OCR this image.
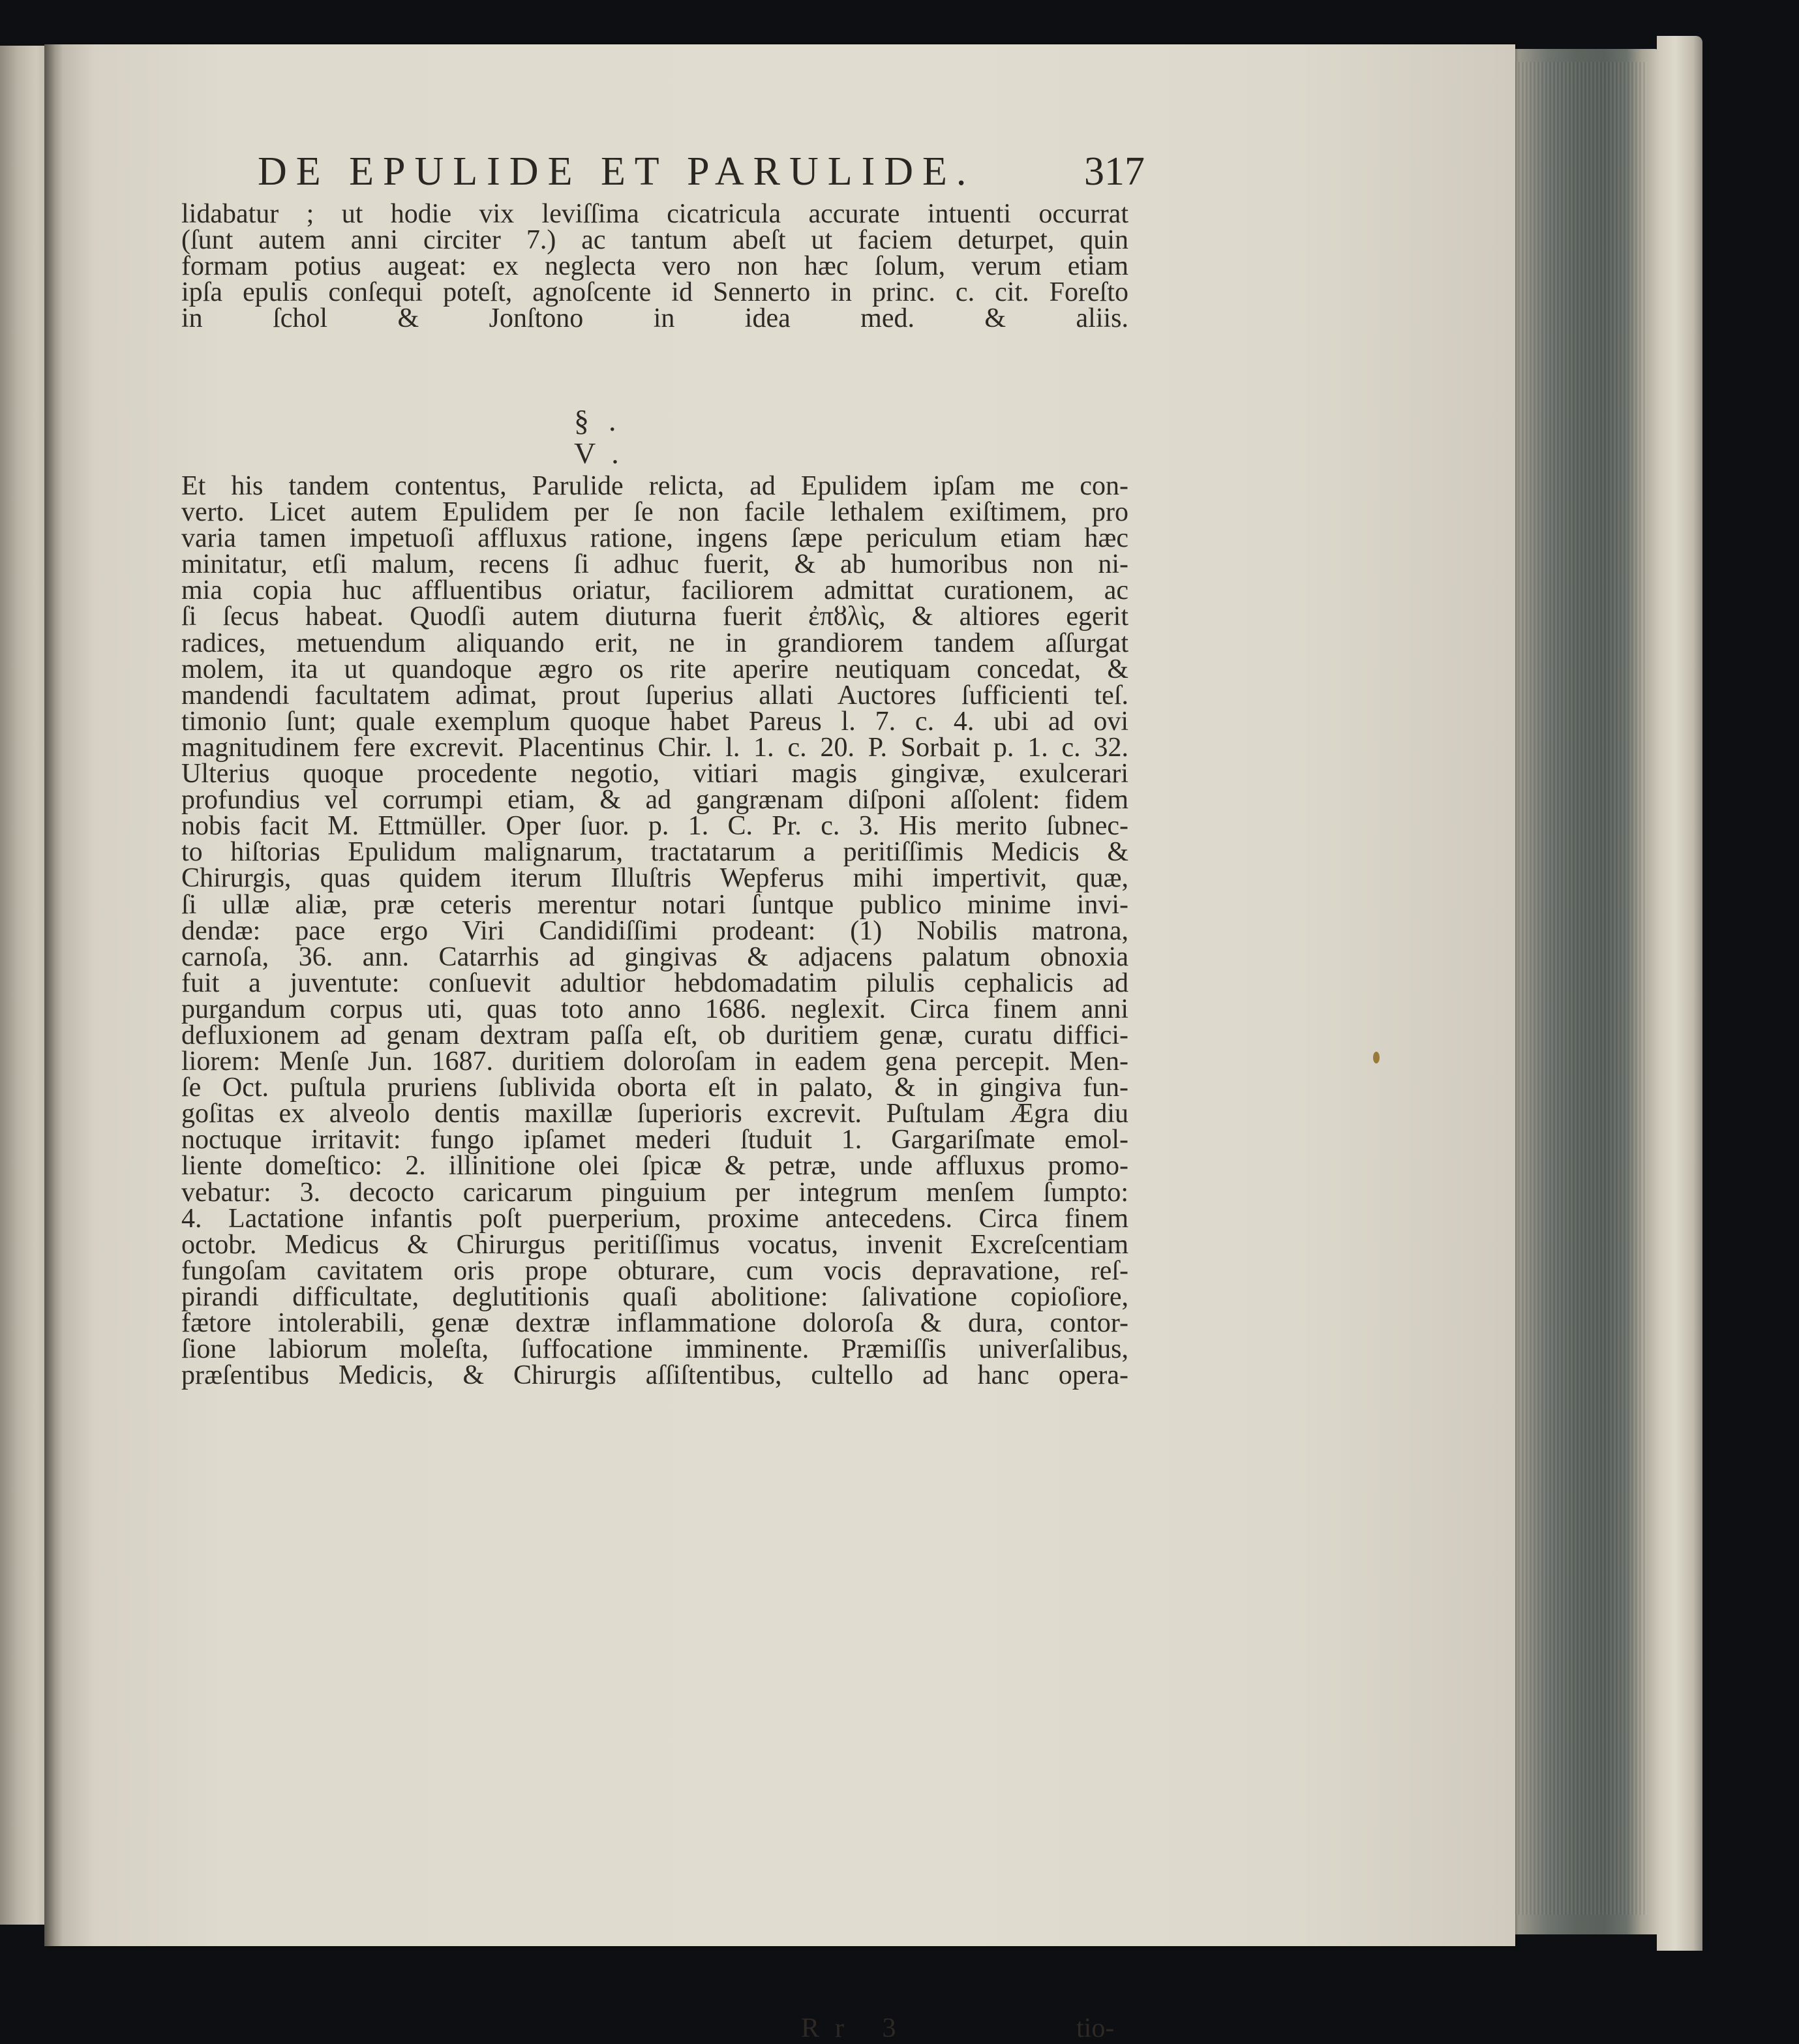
DE EPULIDE ET PARULIDE.	317
lidabatur ; ut hodie vix leviſſima cicatricula accurate intuenti occurrat
(ſunt autem anni circiter 7.) ac tantum abeſt ut faciem deturpet, quin
formam potius augeat: ex neglecta vero non hæc ſolum, verum etiam
ipſa epulis conſequi poteſt, agnoſcente id Sennerto in princ. c. cit. Foreſto
in ſchol & Jonſtono in idea med. & aliis.
§. V.
Et his tandem contentus, Parulide relicta, ad Epulidem ipſam me con-
verto. Licet autem Epulidem per ſe non facile lethalem exiſtimem, pro
varia tamen impetuoſi affluxus ratione, ingens ſæpe periculum etiam hæc
minitatur, etſi malum, recens ſi adhuc fuerit, & ab humoribus non ni-
mia copia huc affluentibus oriatur, faciliorem admittat curationem, ac
ſi ſecus habeat. Quodſi autem diuturna fuerit ἐπȣλὶς, & altiores egerit
radices, metuendum aliquando erit, ne in grandiorem tandem aſſurgat
molem, ita ut quandoque ægro os rite aperire neutiquam concedat, &
mandendi facultatem adimat, prout ſuperius allati Auctores ſufficienti teſ.
timonio ſunt; quale exemplum quoque habet Pareus l. 7. c. 4. ubi ad ovi
magnitudinem fere excrevit. Placentinus Chir. l. 1. c. 20. P. Sorbait p. 1. c. 32.
Ulterius quoque procedente negotio, vitiari magis gingivæ, exulcerari
profundius vel corrumpi etiam, & ad gangrænam diſponi aſſolent: fidem
nobis facit M. Ettmüller. Oper ſuor. p. 1. C. Pr. c. 3. His merito ſubnec-
to hiſtorias Epulidum malignarum, tractatarum a peritiſſimis Medicis &
Chirurgis, quas quidem iterum Illuſtris Wepferus mihi impertivit, quæ,
ſi ullæ aliæ, præ ceteris merentur notari ſuntque publico minime invi-
dendæ: pace ergo Viri Candidiſſimi prodeant: (1) Nobilis matrona,
carnoſa, 36. ann. Catarrhis ad gingivas & adjacens palatum obnoxia
fuit a juventute: conſuevit adultior hebdomadatim pilulis cephalicis ad
purgandum corpus uti, quas toto anno 1686. neglexit. Circa finem anni
defluxionem ad genam dextram paſſa eſt, ob duritiem genæ, curatu diffici-
liorem: Menſe Jun. 1687. duritiem doloroſam in eadem gena percepit. Men-
ſe Oct. puſtula pruriens ſublivida oborta eſt in palato, & in gingiva fun-
goſitas ex alveolo dentis maxillæ ſuperioris excrevit. Puſtulam Ægra diu
noctuque irritavit: fungo ipſamet mederi ſtuduit 1. Gargariſmate emol-
liente domeſtico: 2. illinitione olei ſpicæ & petræ, unde affluxus promo-
vebatur: 3. decocto caricarum pinguium per integrum menſem ſumpto:
4. Lactatione infantis poſt puerperium, proxime antecedens. Circa finem
octobr. Medicus & Chirurgus peritiſſimus vocatus, invenit Excreſcentiam
fungoſam cavitatem oris prope obturare, cum vocis depravatione, reſ-
pirandi difficultate, deglutitionis quaſi abolitione: ſalivatione copioſiore,
fætore intolerabili, genæ dextræ inflammatione doloroſa & dura, contor-
ſione labiorum moleſta, ſuffocatione imminente. Præmiſſis univerſalibus,
præſentibus Medicis, & Chirurgis aſſiſtentibus, cultello ad hanc opera-
Rr 3	tio-
